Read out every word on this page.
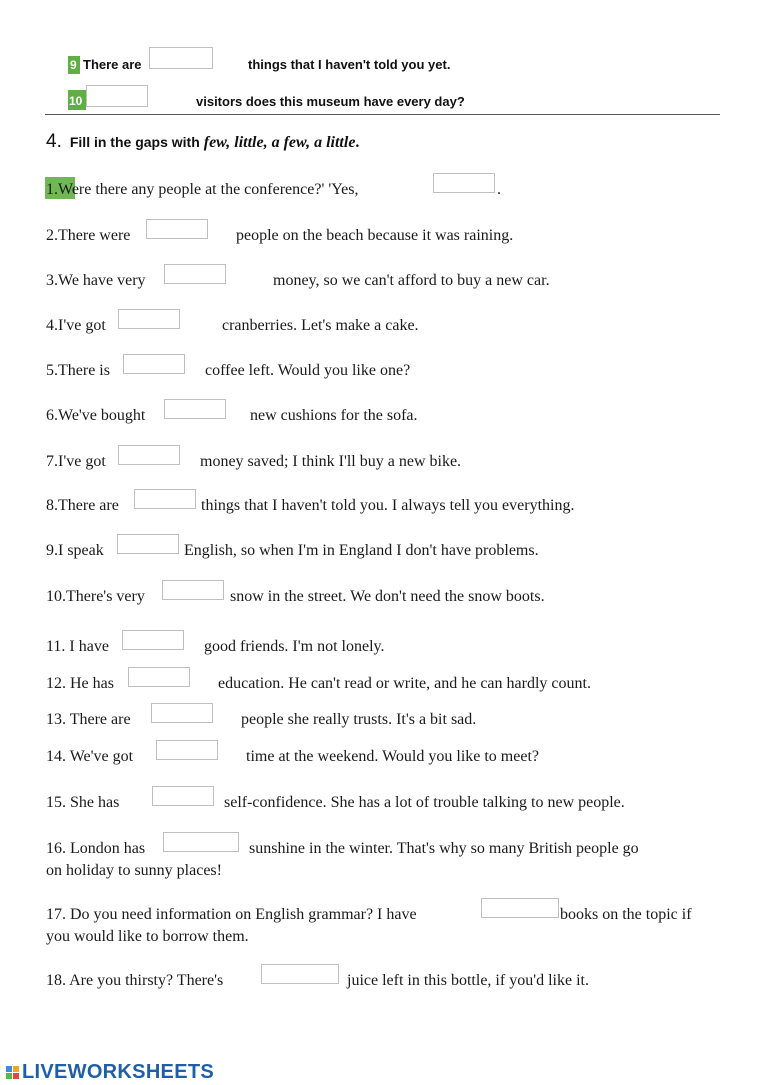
9 There are	things that I haven't told you yet.
10	visitors does this museum have every day?
4. Fill in the gaps with few, little, a few, a little.
1.Were there any people at the conference?' 'Yes,	.
2.There were	people on the beach because it was raining.
3.We have very	money, so we can't afford to buy a new car.
4.I've got	cranberries. Let's make a cake.
5.There is	coffee left. Would you like one?
6.We've bought	new cushions for the sofa.
7.I've got	money saved; I think I'll buy a new bike.
8.There are	things that I haven't told you. I always tell you everything.
9.I speak	English, so when I'm in England I don't have problems.
10.There's very	snow in the street. We don't need the snow boots.
11. I have	good friends. I'm not lonely.
12. He has	education. He can't read or write, and he can hardly count.
13. There are	people she really trusts. It's a bit sad.
14. We've got	time at the weekend. Would you like to meet?
15. She has	self-confidence. She has a lot of trouble talking to new people.
16. London has	sunshine in the winter. That's why so many British people go
on holiday to sunny places!
17. Do you need information on English grammar? I have	books on the topic if
you would like to borrow them.
18. Are you thirsty? There's	juice left in this bottle, if you'd like it.
LIVEWORKSHEETS
